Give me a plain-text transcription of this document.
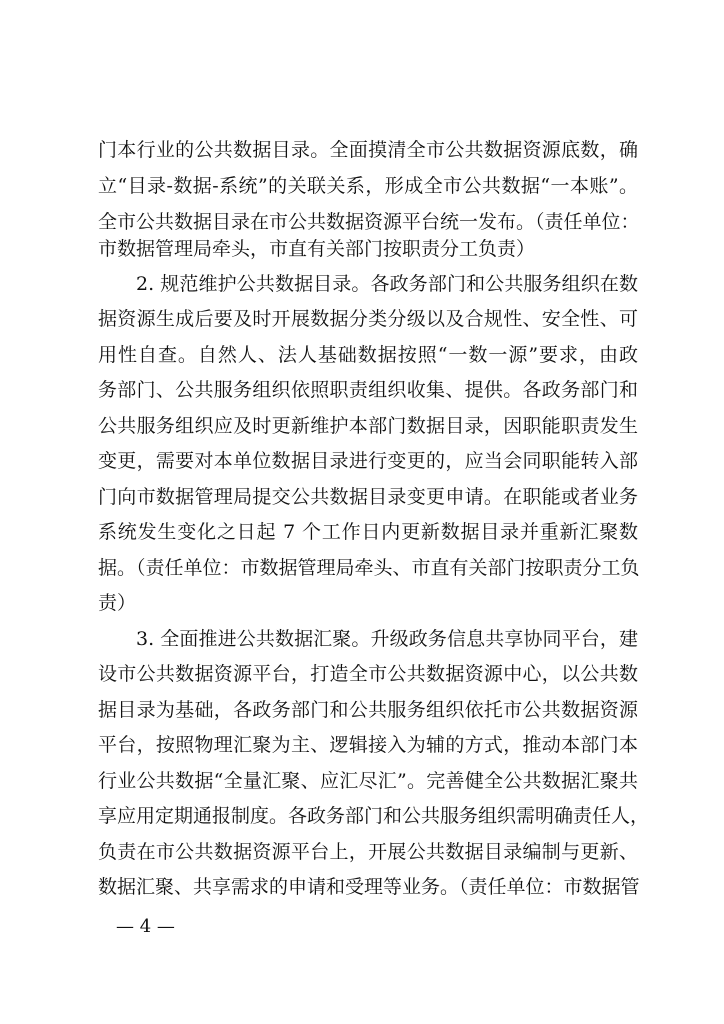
门本行业的公共数据目录。全面摸清全市公共数据资源底数，确
立“目录-数据-系统”的关联关系，形成全市公共数据“一本账”。
全市公共数据目录在市公共数据资源平台统一发布。（责任单位：
市数据管理局牵头，市直有关部门按职责分工负责）
2. 规范维护公共数据目录。各政务部门和公共服务组织在数
据资源生成后要及时开展数据分类分级以及合规性、安全性、可
用性自查。自然人、法人基础数据按照“一数一源”要求，由政
务部门、公共服务组织依照职责组织收集、提供。各政务部门和
公共服务组织应及时更新维护本部门数据目录，因职能职责发生
变更，需要对本单位数据目录进行变更的，应当会同职能转入部
门向市数据管理局提交公共数据目录变更申请。在职能或者业务
系统发生变化之日起 7 个工作日内更新数据目录并重新汇聚数
据。（责任单位：市数据管理局牵头、市直有关部门按职责分工负
责）
3. 全面推进公共数据汇聚。升级政务信息共享协同平台，建
设市公共数据资源平台，打造全市公共数据资源中心，以公共数
据目录为基础，各政务部门和公共服务组织依托市公共数据资源
平台，按照物理汇聚为主、逻辑接入为辅的方式，推动本部门本
行业公共数据“全量汇聚、应汇尽汇”。完善健全公共数据汇聚共
享应用定期通报制度。各政务部门和公共服务组织需明确责任人，
负责在市公共数据资源平台上，开展公共数据目录编制与更新、
数据汇聚、共享需求的申请和受理等业务。（责任单位：市数据管
— 4 —
